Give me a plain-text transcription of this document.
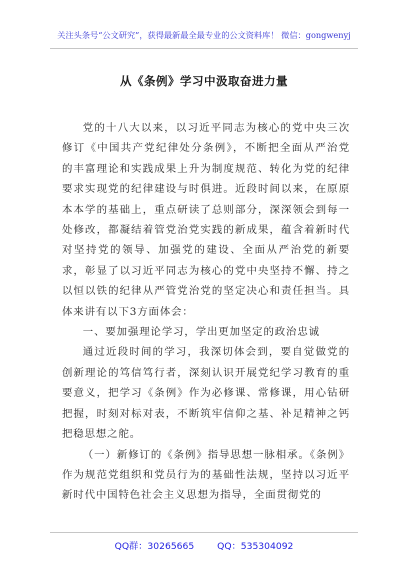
关注头条号“公文研究”，获得最新最全最专业的公文资料库！ 微信：gongwenyj
从《条例》学习中汲取奋进力量

党的十八大以来，以习近平同志为核心的党中央三次修订《中国共产党纪律处分条例》，不断把全面从严治党的丰富理论和实践成果上升为制度规范、转化为党的纪律要求实现党的纪律建设与时俱进。近段时间以来，在原原本本学的基础上，重点研读了总则部分，深深领会到每一处修改，都凝结着管党治党实践的新成果，蕴含着新时代对坚持党的领导、加强党的建设、全面从严治党的新要求，彰显了以习近平同志为核心的党中央坚持不懈、持之以恒以铁的纪律从严管党治党的坚定决心和责任担当。具体来讲有以下3方面体会：

一、要加强理论学习，学出更加坚定的政治忠诚

通过近段时间的学习，我深切体会到，要自觉做党的创新理论的笃信笃行者，深刻认识开展党纪学习教育的重要意义，把学习《条例》作为必修课、常修课，用心钻研把握，时刻对标对表，不断筑牢信仰之基、补足精神之钙把稳思想之舵。

（一）新修订的《条例》指导思想一脉相承。《条例》作为规范党组织和党员行为的基础性法规，坚持以习近平新时代中国特色社会主义思想为指导，全面贯彻党的

QQ群：30265665 QQ：535304092
